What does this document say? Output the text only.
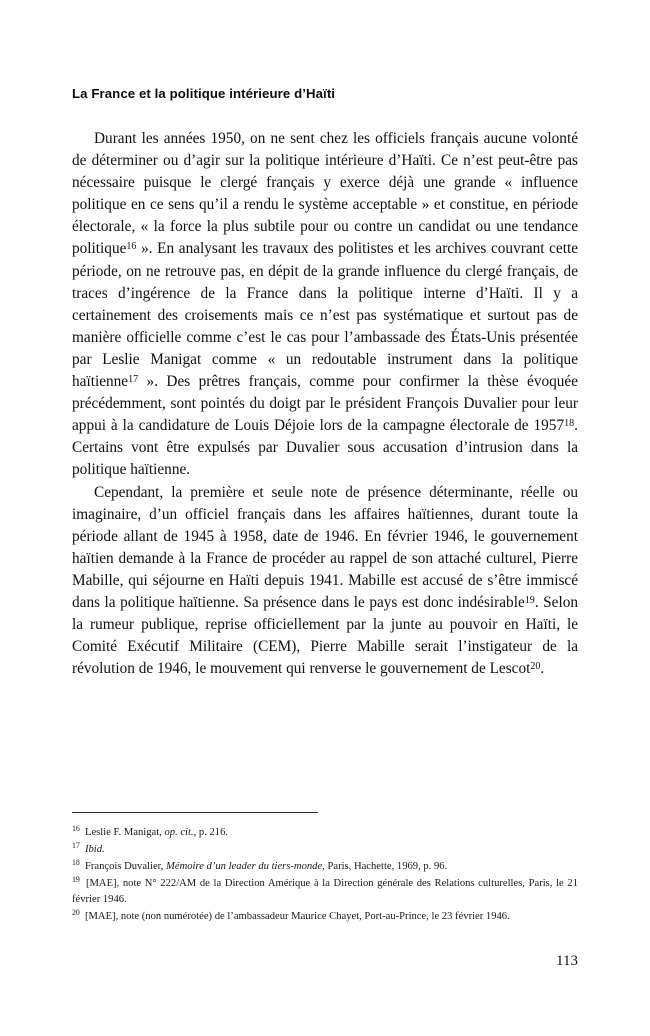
La France et la politique intérieure d’Haïti

Durant les années 1950, on ne sent chez les officiels français aucune volonté de déterminer ou d’agir sur la politique intérieure d’Haïti. Ce n’est peut-être pas nécessaire puisque le clergé français y exerce déjà une grande « influence politique en ce sens qu’il a rendu le système acceptable » et constitue, en période électorale, « la force la plus subtile pour ou contre un candidat ou une tendance politique$^{16}$ ». En analysant les travaux des politistes et les archives couvrant cette période, on ne retrouve pas, en dépit de la grande influence du clergé français, de traces d’ingérence de la France dans la politique interne d’Haïti. Il y a certainement des croisements mais ce n’est pas systématique et surtout pas de manière officielle comme c’est le cas pour l’ambassade des États-Unis présentée par Leslie Manigat comme « un redoutable instrument dans la politique haïtienne$^{17}$ ». Des prêtres français, comme pour confirmer la thèse évoquée précédemment, sont pointés du doigt par le président François Duvalier pour leur appui à la candidature de Louis Déjoie lors de la campagne électorale de 1957$^{18}$. Certains vont être expulsés par Duvalier sous accusation d’intrusion dans la politique haïtienne.

Cependant, la première et seule note de présence déterminante, réelle ou imaginaire, d’un officiel français dans les affaires haïtiennes, durant toute la période allant de 1945 à 1958, date de 1946. En février 1946, le gouvernement haïtien demande à la France de procéder au rappel de son attaché culturel, Pierre Mabille, qui séjourne en Haïti depuis 1941. Mabille est accusé de s’être immiscé dans la politique haïtienne. Sa présence dans le pays est donc indésirable$^{19}$. Selon la rumeur publique, reprise officiellement par la junte au pouvoir en Haïti, le Comité Exécutif Militaire (CEM), Pierre Mabille serait l’instigateur de la révolution de 1946, le mouvement qui renverse le gouvernement de Lescot$^{20}$.

$^{16}$ Leslie F. Manigat, op. cit., p. 216.
$^{17}$ Ibid.
$^{18}$ François Duvalier, Mémoire d’un leader du tiers-monde, Paris, Hachette, 1969, p. 96.
$^{19}$ [MAE], note N° 222/AM de la Direction Amérique à la Direction générale des Relations culturelles, Paris, le 21 février 1946.
$^{20}$ [MAE], note (non numérotée) de l’ambassadeur Maurice Chayet, Port-au-Prince, le 23 février 1946.
113
